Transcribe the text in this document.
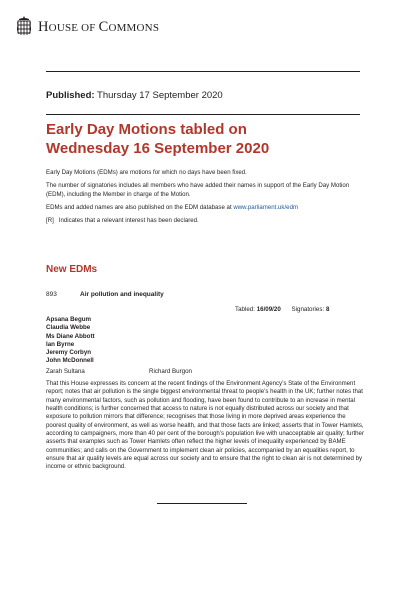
HOUSE OF COMMONS
Published: Thursday 17 September 2020
Early Day Motions tabled on
Wednesday 16 September 2020

Early Day Motions (EDMs) are motions for which no days have been fixed.

The number of signatories includes all members who have added their names in support of the Early Day Motion (EDM), including the Member in charge of the Motion.

EDMs and added names are also published on the EDM database at www.parliament.uk/edm

[R] Indicates that a relevant interest has been declared.

New EDMs
893	Air pollution and inequality
Tabled: 16/09/20 Signatories: 8
Apsana Begum
Claudia Webbe
Ms Diane Abbott
Ian Byrne
Jeremy Corbyn
John McDonnell
Zarah Sultana	Richard Burgon
That this House expresses its concern at the recent findings of the Environment Agency’s State of the Environment report; notes that air pollution is the single biggest environmental threat to people’s health in the UK; further notes that many environmental factors, such as pollution and flooding, have been found to contribute to an increase in mental health conditions; is further concerned that access to nature is not equally distributed across our society and that exposure to pollution mirrors that difference; recognises that those living in more deprived areas experience the poorest quality of environment, as well as worse health, and that those facts are linked; asserts that in Tower Hamlets, according to campaigners, more than 40 per cent of the borough’s population live with unacceptable air quality; further asserts that examples such as Tower Hamlets often reflect the higher levels of inequality experienced by BAME communities; and calls on the Government to implement clean air policies, accompanied by an equalities report, to ensure that air quality levels are equal across our society and to ensure that the right to clean air is not determined by income or ethnic background.
